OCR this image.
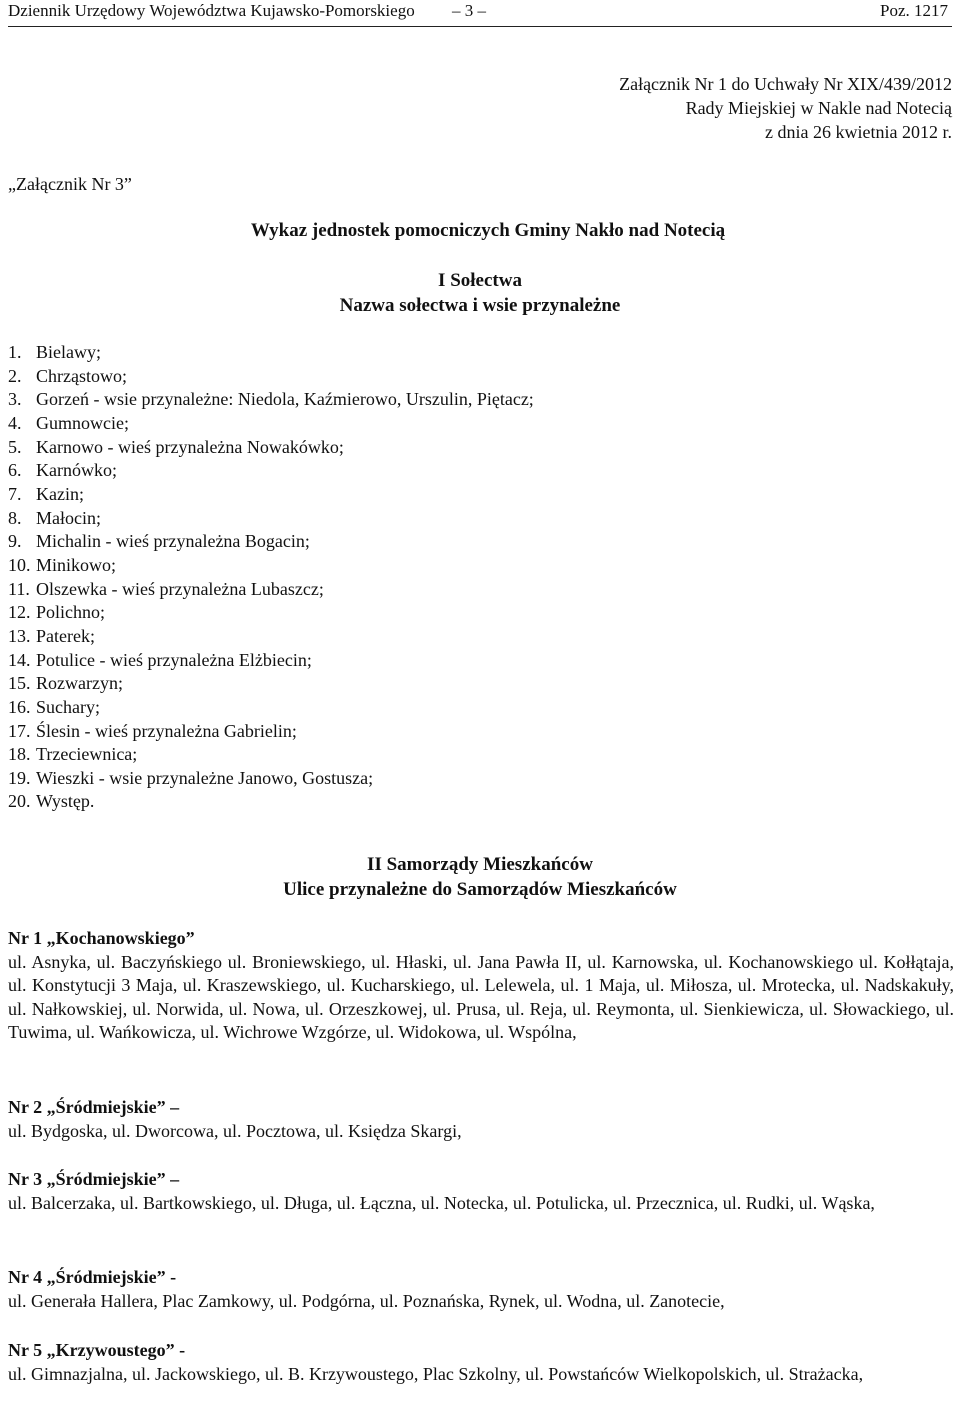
Dziennik Urzędowy Województwa Kujawsko-Pomorskiego – 3 –	Poz. 1217
Załącznik Nr 1 do Uchwały Nr XIX/439/2012
Rady Miejskiej w Nakle nad Notecią
z dnia 26 kwietnia 2012 r.
„Załącznik Nr 3”
Wykaz jednostek pomocniczych Gminy Nakło nad Notecią
I Sołectwa
Nazwa sołectwa i wsie przynależne
1. Bielawy;
2. Chrząstowo;
3. Gorzeń - wsie przynależne: Niedola, Kaźmierowo, Urszulin, Piętacz;
4. Gumnowcie;
5. Karnowo - wieś przynależna Nowakówko;
6. Karnówko;
7. Kazin;
8. Małocin;
9. Michalin - wieś przynależna Bogacin;
10. Minikowo;
11. Olszewka - wieś przynależna Lubaszcz;
12. Polichno;
13. Paterek;
14. Potulice - wieś przynależna Elżbiecin;
15. Rozwarzyn;
16. Suchary;
17. Ślesin - wieś przynależna Gabrielin;
18. Trzeciewnica;
19. Wieszki - wsie przynależne Janowo, Gostusza;
20. Występ.
II Samorządy Mieszkańców
Ulice przynależne do Samorządów Mieszkańców
Nr 1 „Kochanowskiego”
ul. Asnyka, ul. Baczyńskiego ul. Broniewskiego, ul. Hłaski, ul. Jana Pawła II, ul. Karnowska, ul. Kochanowskiego ul. Kołłątaja, ul. Konstytucji 3 Maja, ul. Kraszewskiego, ul. Kucharskiego, ul. Lelewela, ul. 1 Maja, ul. Miłosza, ul. Mrotecka, ul. Nadskakuły, ul. Nałkowskiej, ul. Norwida, ul. Nowa, ul. Orzeszkowej, ul. Prusa, ul. Reja, ul. Reymonta, ul. Sienkiewicza, ul. Słowackiego, ul. Tuwima, ul. Wańkowicza, ul. Wichrowe Wzgórze, ul. Widokowa, ul. Wspólna,
Nr 2 „Śródmiejskie” –
ul. Bydgoska, ul. Dworcowa, ul. Pocztowa, ul. Księdza Skargi,
Nr 3 „Śródmiejskie” –
ul. Balcerzaka, ul. Bartkowskiego, ul. Długa, ul. Łączna, ul. Notecka, ul. Potulicka, ul. Przecznica, ul. Rudki, ul. Wąska,
Nr 4 „Śródmiejskie” -
ul. Generała Hallera, Plac Zamkowy, ul. Podgórna, ul. Poznańska, Rynek, ul. Wodna, ul. Zanotecie,
Nr 5 „Krzywoustego” -
ul. Gimnazjalna, ul. Jackowskiego, ul. B. Krzywoustego, Plac Szkolny, ul. Powstańców Wielkopolskich, ul. Strażacka,
